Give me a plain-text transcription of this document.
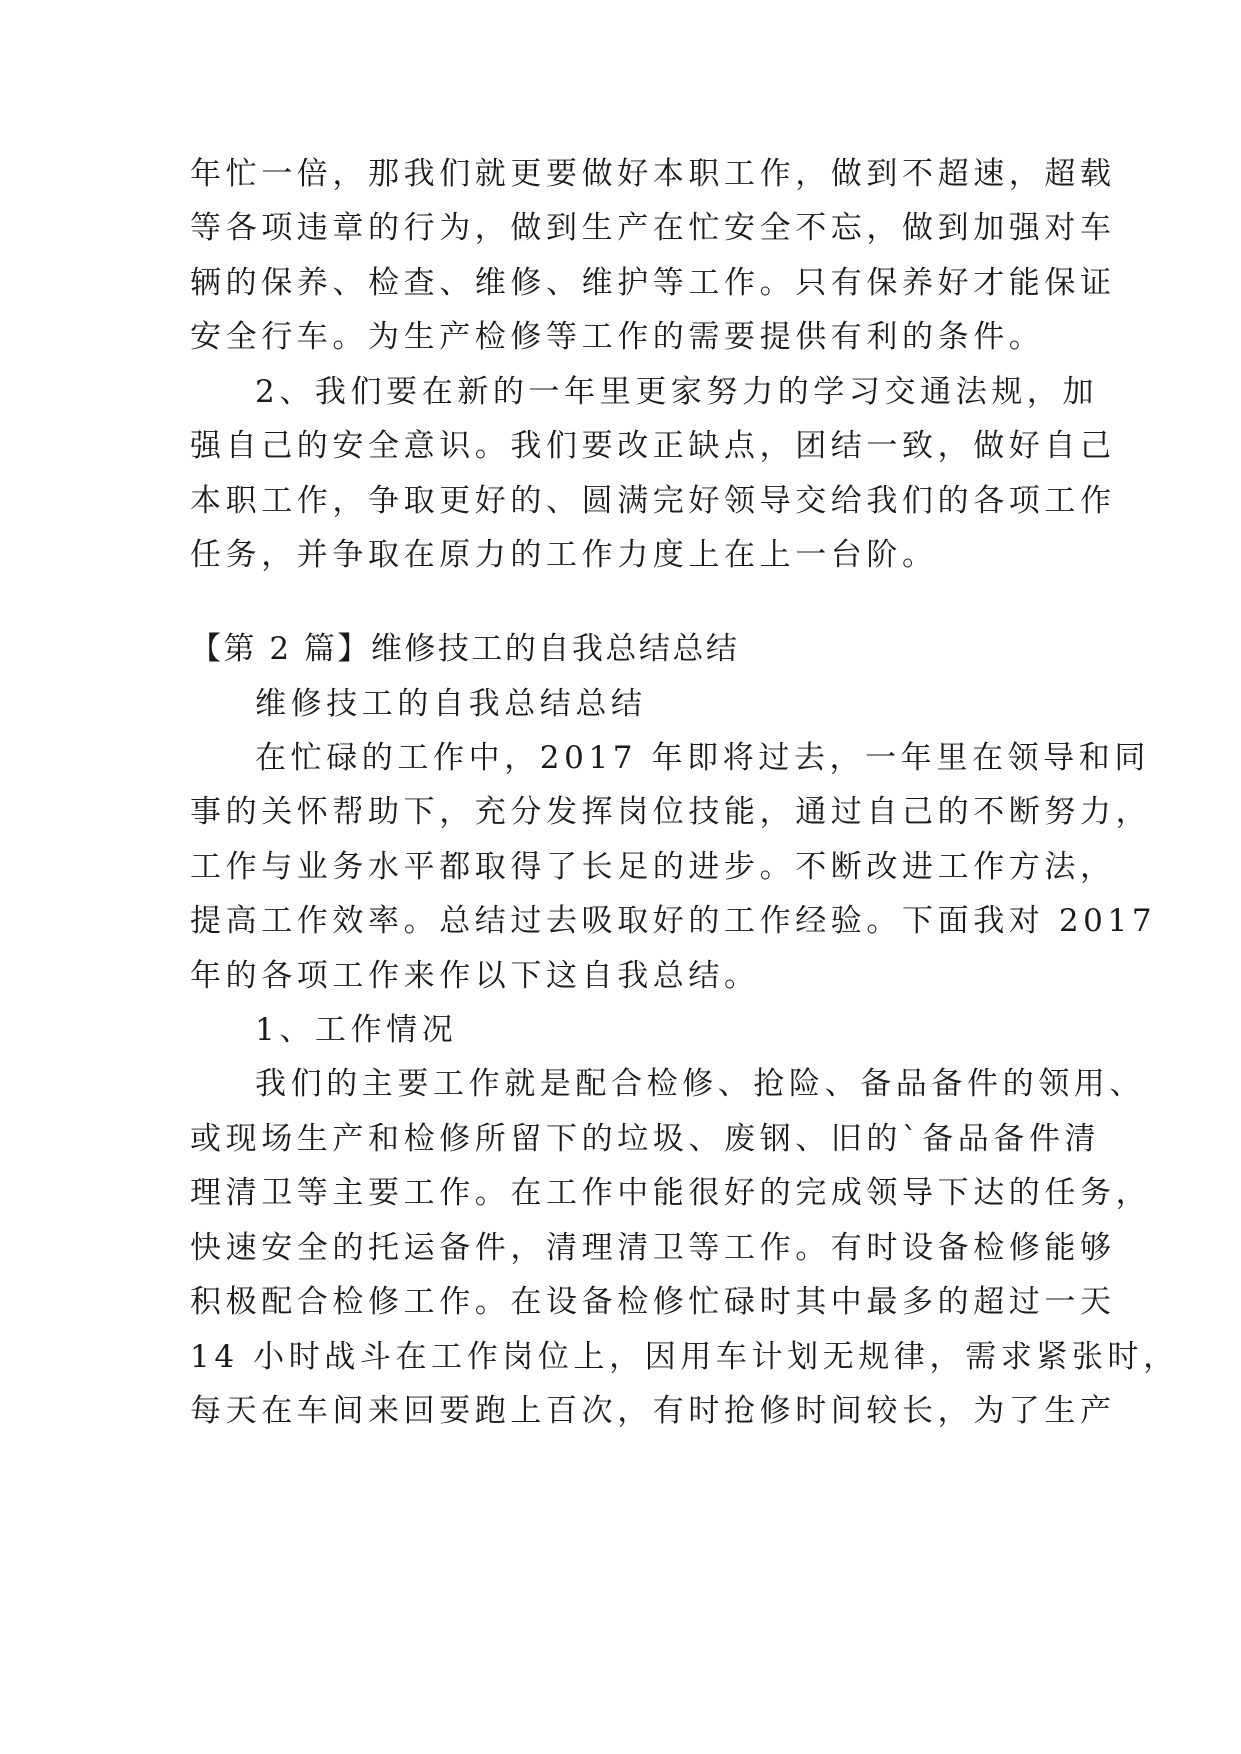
年忙一倍，那我们就更要做好本职工作，做到不超速，超载
等各项违章的行为，做到生产在忙安全不忘，做到加强对车
辆的保养、检查、维修、维护等工作。只有保养好才能保证
安全行车。为生产检修等工作的需要提供有利的条件。
2、我们要在新的一年里更家努力的学习交通法规，加
强自己的安全意识。我们要改正缺点，团结一致，做好自己
本职工作，争取更好的、圆满完好领导交给我们的各项工作
任务，并争取在原力的工作力度上在上一台阶。
【第 2 篇】维修技工的自我总结总结
维修技工的自我总结总结
在忙碌的工作中，2017 年即将过去，一年里在领导和同
事的关怀帮助下，充分发挥岗位技能，通过自己的不断努力，
工作与业务水平都取得了长足的进步。不断改进工作方法，
提高工作效率。总结过去吸取好的工作经验。下面我对 2017
年的各项工作来作以下这自我总结。
1、工作情况
我们的主要工作就是配合检修、抢险、备品备件的领用、
或现场生产和检修所留下的垃圾、废钢、旧的`备品备件清
理清卫等主要工作。在工作中能很好的完成领导下达的任务，
快速安全的托运备件，清理清卫等工作。有时设备检修能够
积极配合检修工作。在设备检修忙碌时其中最多的超过一天
14 小时战斗在工作岗位上，因用车计划无规律，需求紧张时，
每天在车间来回要跑上百次，有时抢修时间较长，为了生产
